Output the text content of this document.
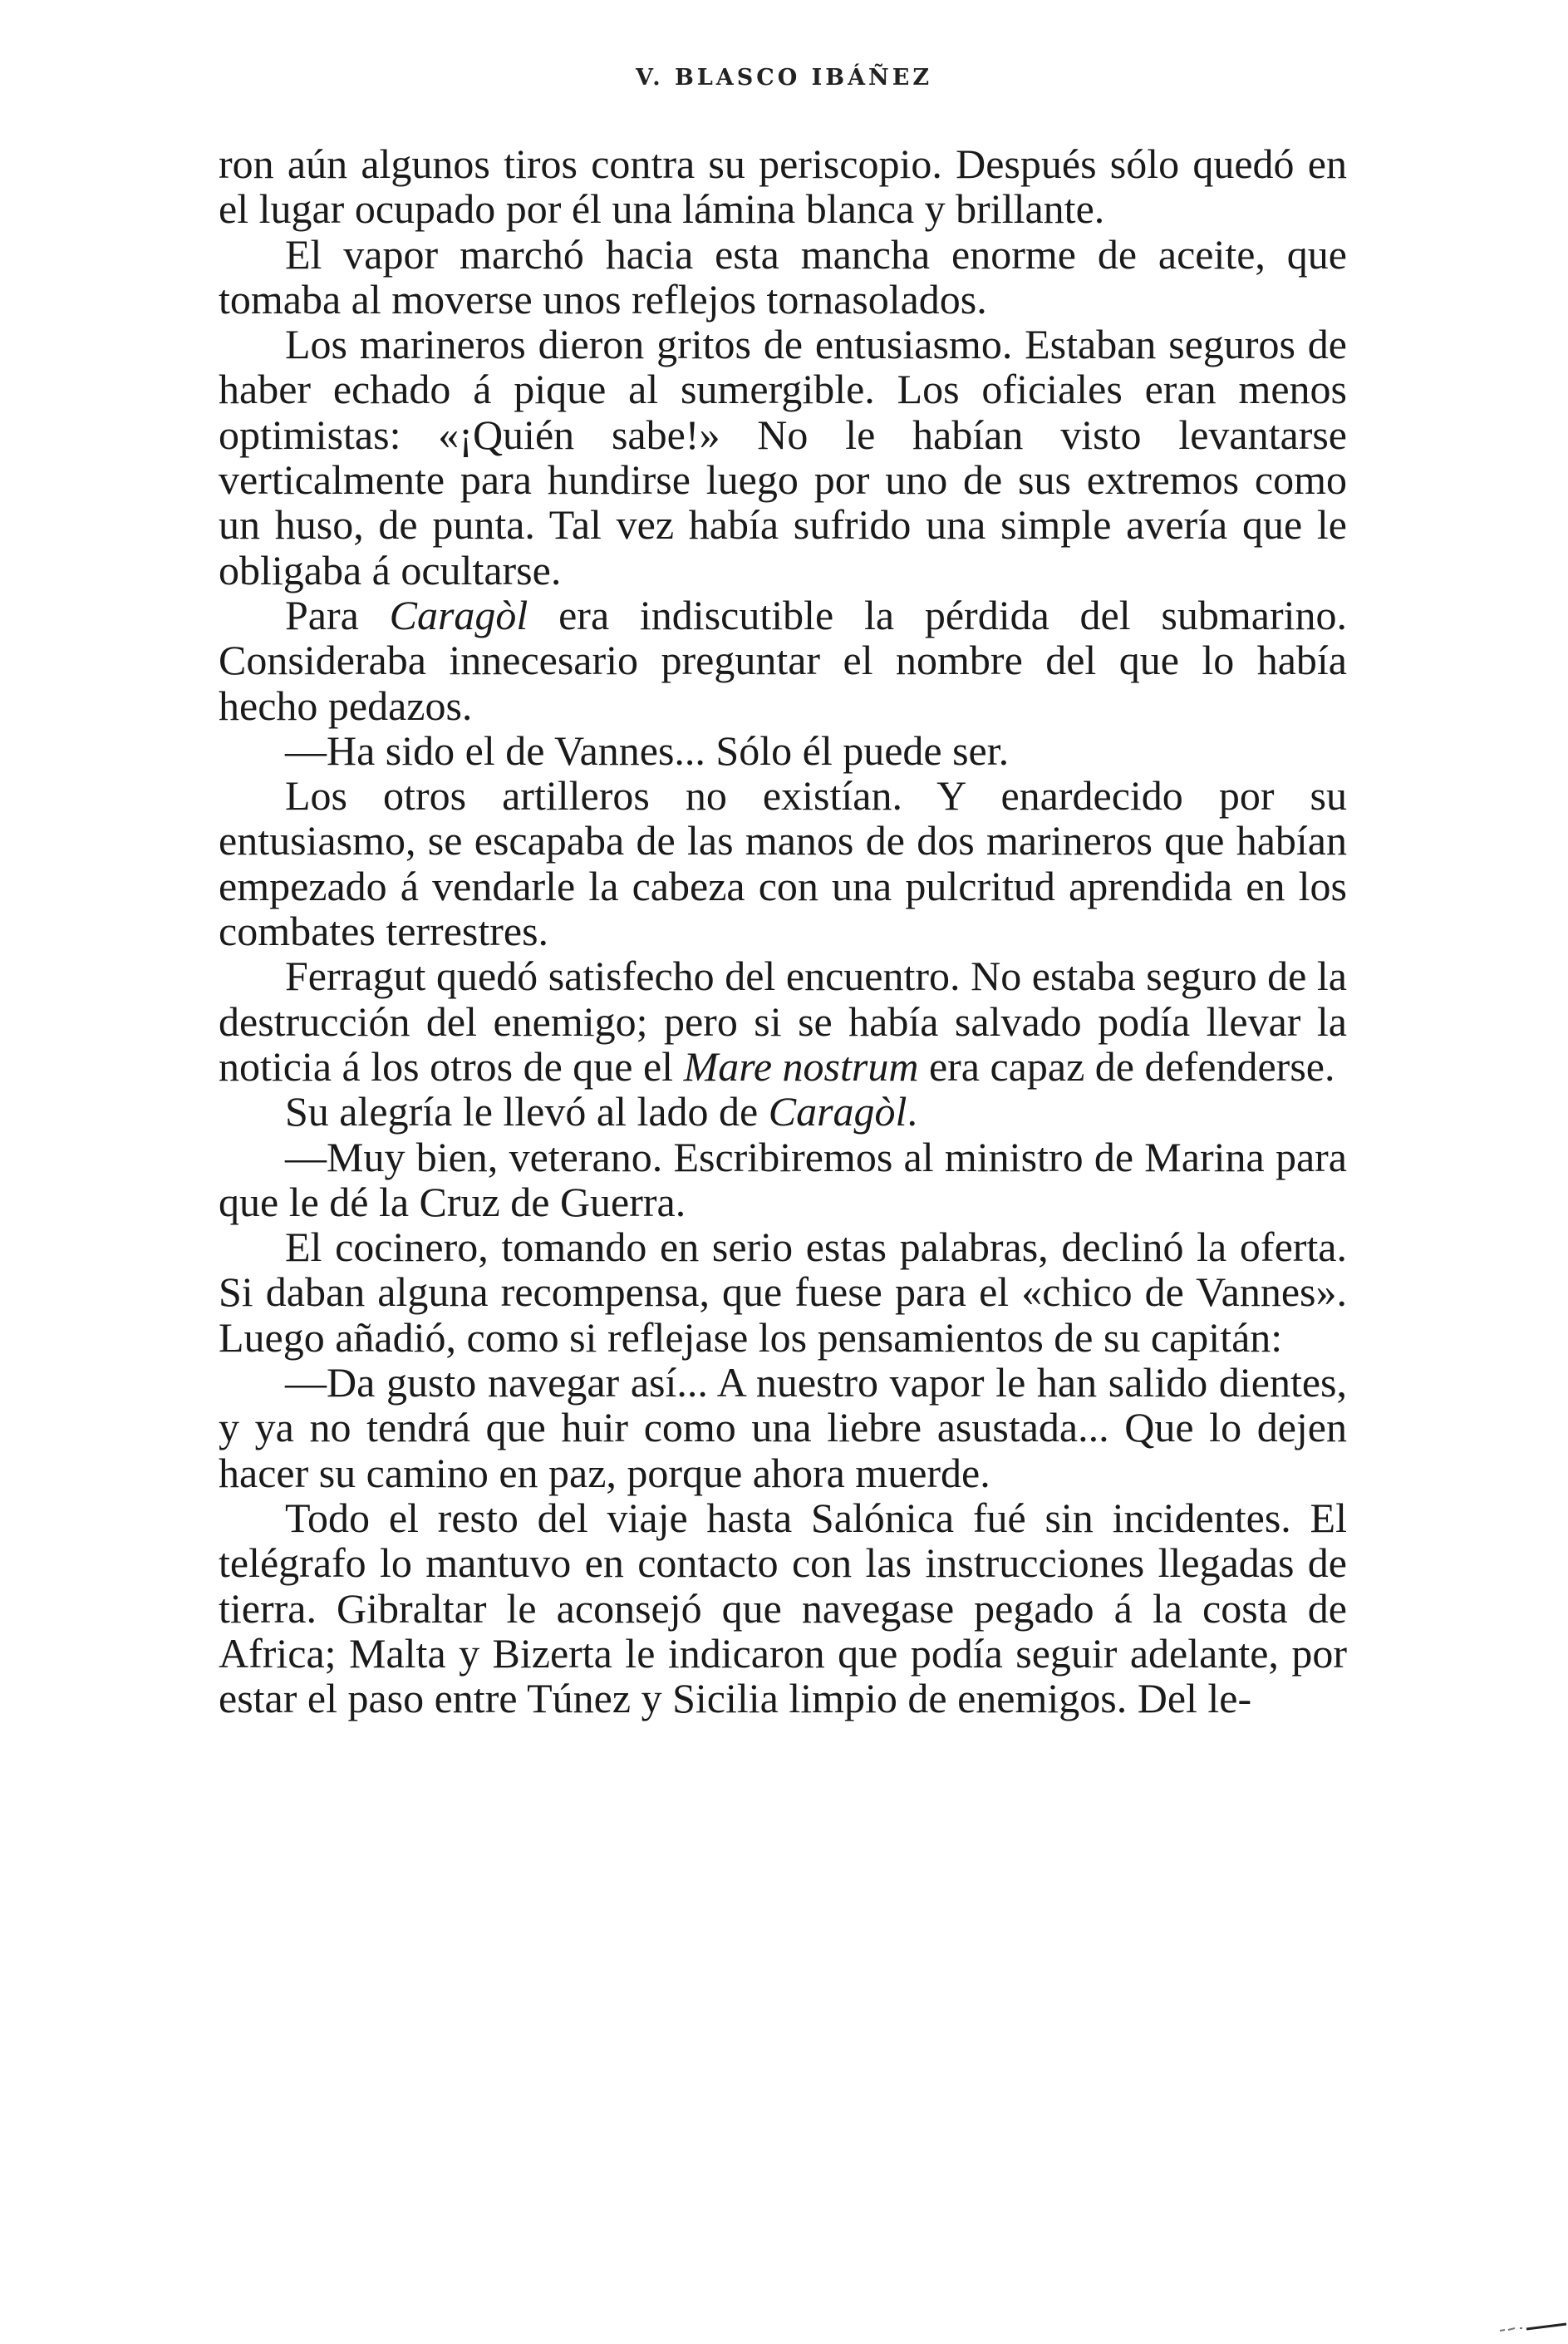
V. BLASCO IBÁÑEZ

ron aún algunos tiros contra su periscopio. Después sólo quedó en el lugar ocupado por él una lámina blanca y brillante.

El vapor marchó hacia esta mancha enorme de aceite, que tomaba al moverse unos reflejos tornasolados.

Los marineros dieron gritos de entusiasmo. Estaban seguros de haber echado á pique al sumergible. Los oficiales eran menos optimistas: «¡Quién sabe!» No le habían visto levantarse verticalmente para hundirse luego por uno de sus extremos como un huso, de punta. Tal vez había sufrido una simple avería que le obligaba á ocultarse.

Para Caragòl era indiscutible la pérdida del submarino. Consideraba innecesario preguntar el nombre del que lo había hecho pedazos.

—Ha sido el de Vannes... Sólo él puede ser.

Los otros artilleros no existían. Y enardecido por su entusiasmo, se escapaba de las manos de dos marineros que habían empezado á vendarle la cabeza con una pulcritud aprendida en los combates terrestres.

Ferragut quedó satisfecho del encuentro. No estaba seguro de la destrucción del enemigo; pero si se había salvado podía llevar la noticia á los otros de que el Mare nostrum era capaz de defenderse.

Su alegría le llevó al lado de Caragòl.

—Muy bien, veterano. Escribiremos al ministro de Marina para que le dé la Cruz de Guerra.

El cocinero, tomando en serio estas palabras, declinó la oferta. Si daban alguna recompensa, que fuese para el «chico de Vannes». Luego añadió, como si reflejase los pensamientos de su capitán:

—Da gusto navegar así... A nuestro vapor le han salido dientes, y ya no tendrá que huir como una liebre asustada... Que lo dejen hacer su camino en paz, porque ahora muerde.

Todo el resto del viaje hasta Salónica fué sin incidentes. El telégrafo lo mantuvo en contacto con las instrucciones llegadas de tierra. Gibraltar le aconsejó que navegase pegado á la costa de Africa; Malta y Bizerta le indicaron que podía seguir adelante, por estar el paso entre Túnez y Sicilia limpio de enemigos. Del le-
